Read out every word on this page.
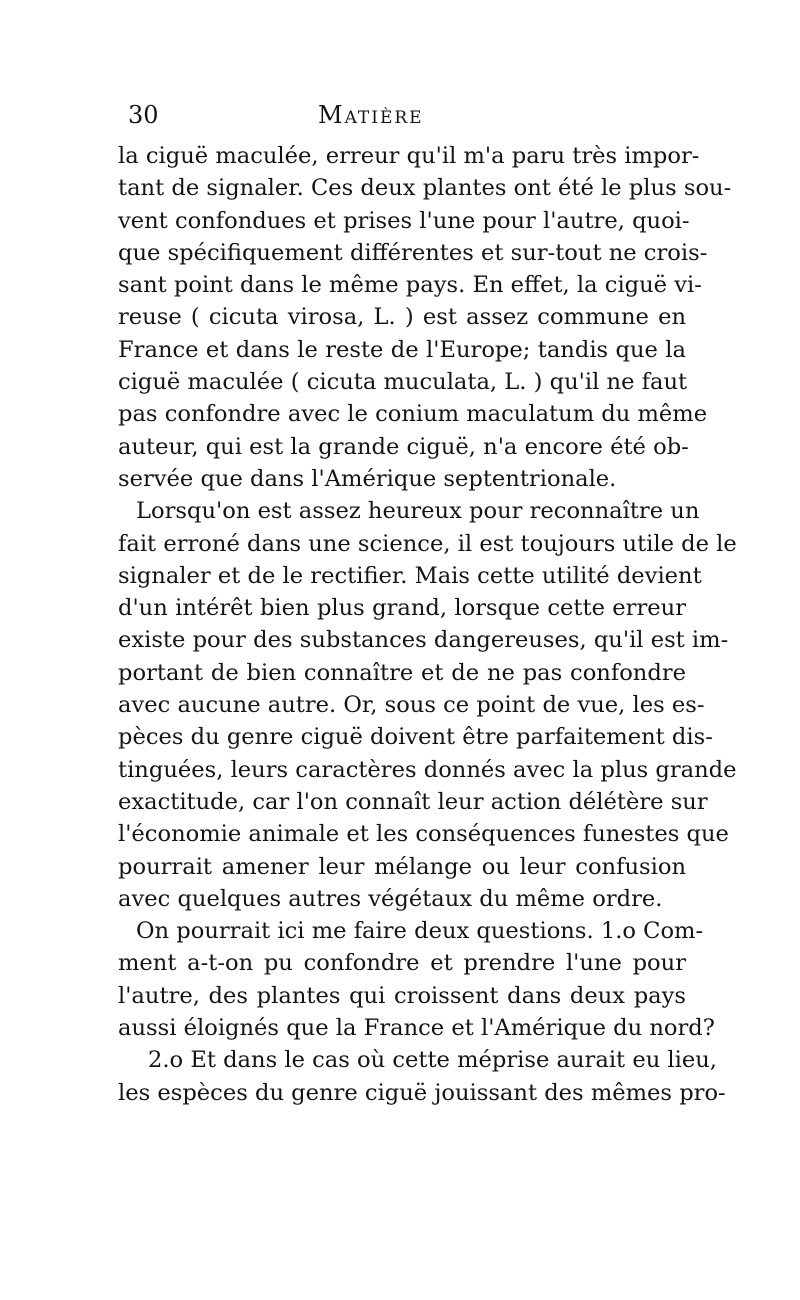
30	Matière
la ciguë maculée, erreur qu'il m'a paru très impor-
tant de signaler. Ces deux plantes ont été le plus sou-
vent confondues et prises l'une pour l'autre, quoi-
que spécifiquement différentes et sur-tout ne crois-
sant point dans le même pays. En effet, la ciguë vi-
reuse ( cicuta virosa, L. ) est assez commune en
France et dans le reste de l'Europe; tandis que la
ciguë maculée ( cicuta muculata, L. ) qu'il ne faut
pas confondre avec le conium maculatum du même
auteur, qui est la grande ciguë, n'a encore été ob-
servée que dans l'Amérique septentrionale.
Lorsqu'on est assez heureux pour reconnaître un
fait erroné dans une science, il est toujours utile de le
signaler et de le rectifier. Mais cette utilité devient
d'un intérêt bien plus grand, lorsque cette erreur
existe pour des substances dangereuses, qu'il est im-
portant de bien connaître et de ne pas confondre
avec aucune autre. Or, sous ce point de vue, les es-
pèces du genre ciguë doivent être parfaitement dis-
tinguées, leurs caractères donnés avec la plus grande
exactitude, car l'on connaît leur action délétère sur
l'économie animale et les conséquences funestes que
pourrait amener leur mélange ou leur confusion
avec quelques autres végétaux du même ordre.
On pourrait ici me faire deux questions. 1.o Com-
ment a-t-on pu confondre et prendre l'une pour
l'autre, des plantes qui croissent dans deux pays
aussi éloignés que la France et l'Amérique du nord?
2.o Et dans le cas où cette méprise aurait eu lieu,
les espèces du genre ciguë jouissant des mêmes pro-
